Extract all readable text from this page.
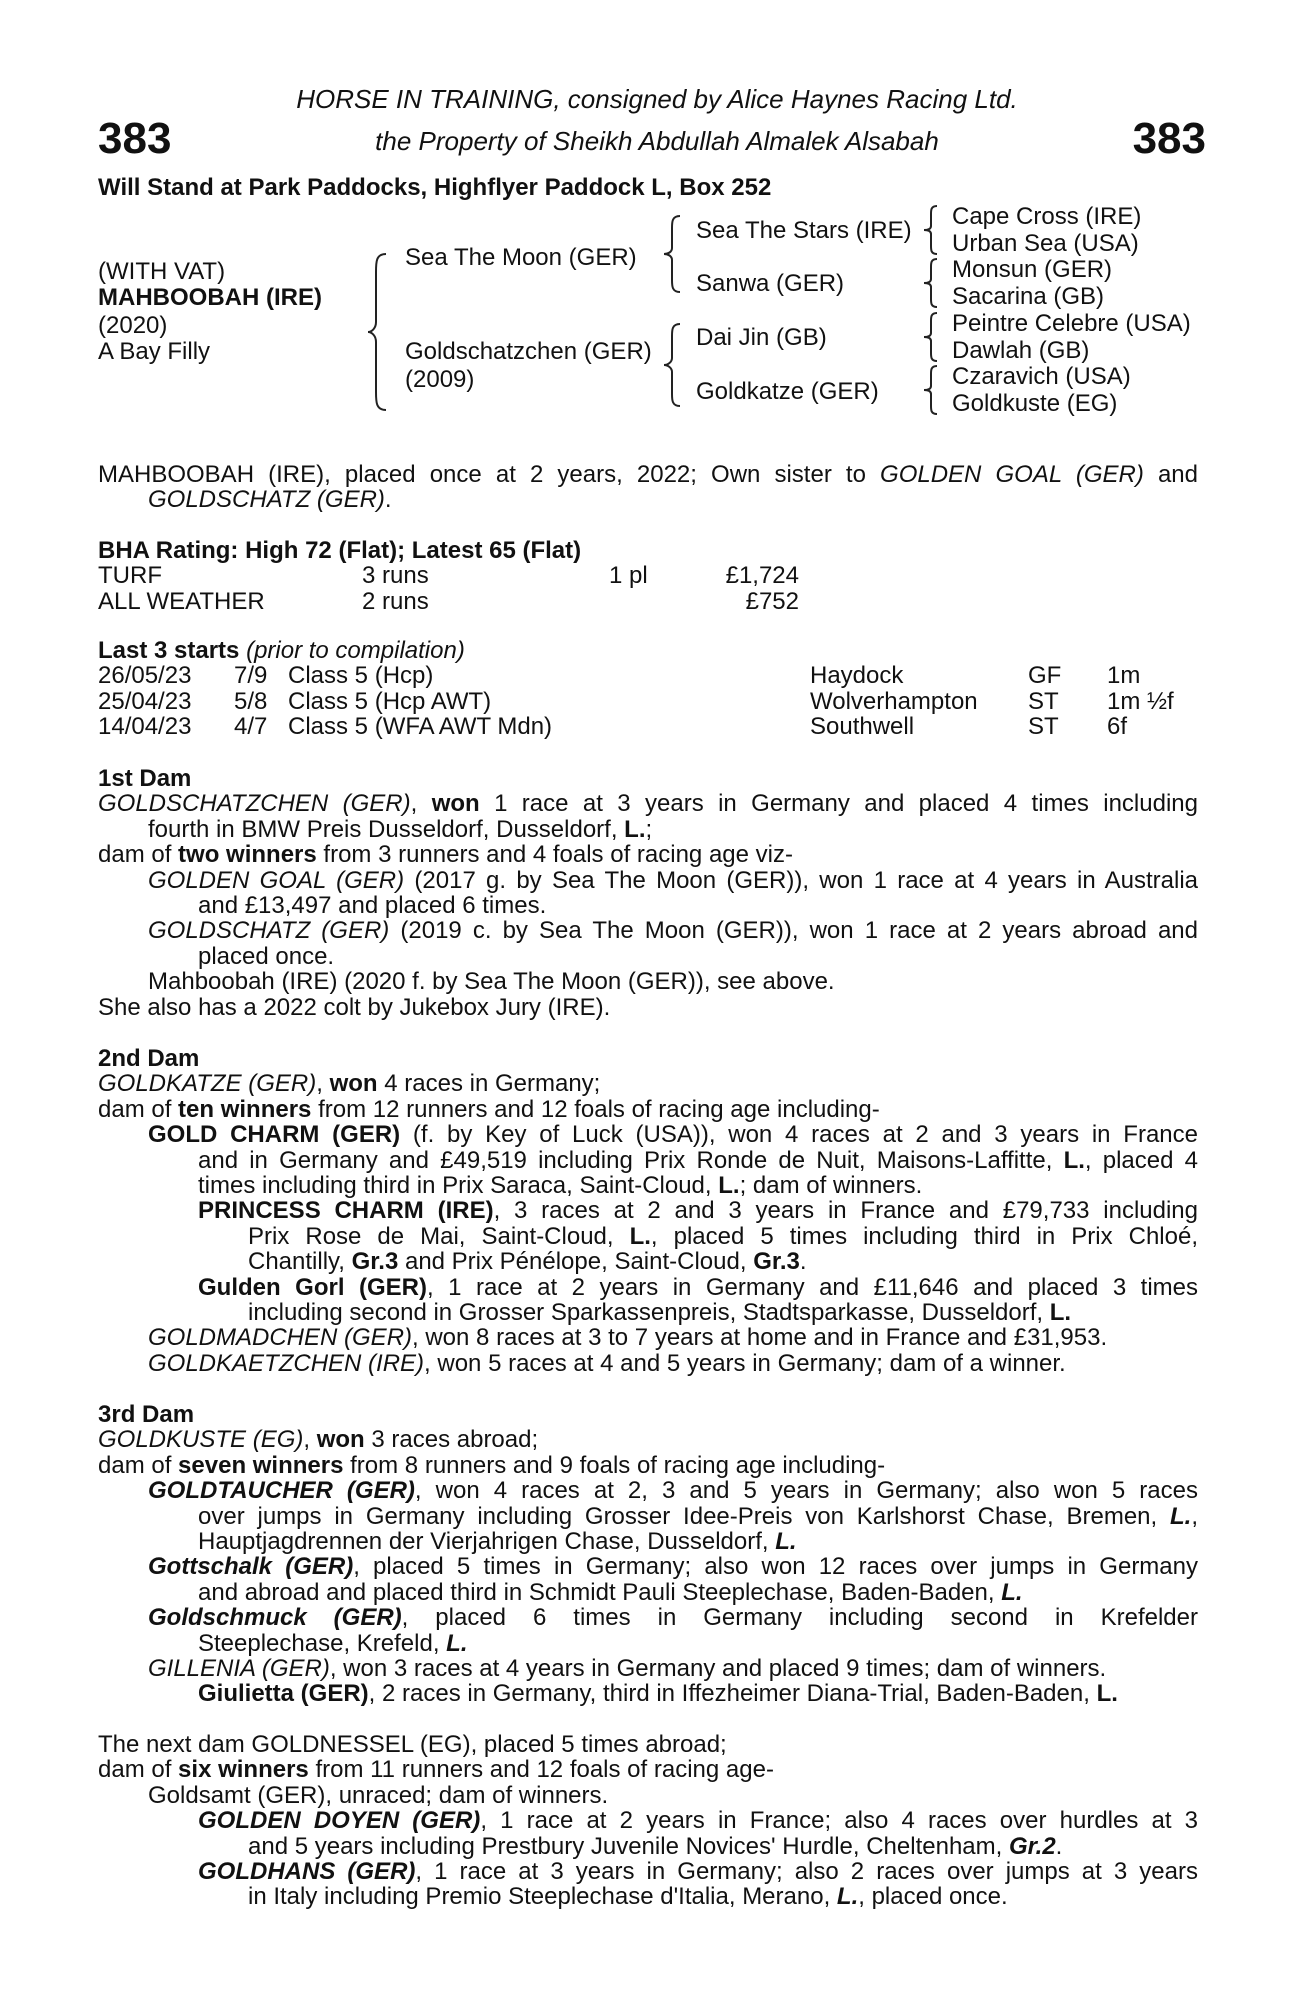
383	383
HORSE IN TRAINING, consigned by Alice Haynes Racing Ltd.
the Property of Sheikh Abdullah Almalek Alsabah
Will Stand at Park Paddocks, Highflyer Paddock L, Box 252
(WITH VAT)
MAHBOOBAH (IRE)
(2020)
A Bay Filly
Sea The Moon (GER)
Goldschatzchen (GER)
(2009)
Sea The Stars (IRE)
Sanwa (GER)
Dai Jin (GB)
Goldkatze (GER)
Cape Cross (IRE)
Urban Sea (USA)
Monsun (GER)
Sacarina (GB)
Peintre Celebre (USA)
Dawlah (GB)
Czaravich (USA)
Goldkuste (EG)
MAHBOOBAH (IRE), placed once at 2 years, 2022; Own sister to GOLDEN GOAL (GER) and
GOLDSCHATZ (GER).
BHA Rating: High 72 (Flat); Latest 65 (Flat)
TURF	3 runs	1 pl	£1,724
ALL WEATHER	2 runs		£752
Last 3 starts (prior to compilation)
26/05/23	7/9	Class 5 (Hcp)	Haydock	GF	1m
25/04/23	5/8	Class 5 (Hcp AWT)	Wolverhampton	ST	1m ½f
14/04/23	4/7	Class 5 (WFA AWT Mdn)	Southwell	ST	6f
1st Dam
GOLDSCHATZCHEN (GER), won 1 race at 3 years in Germany and placed 4 times including
fourth in BMW Preis Dusseldorf, Dusseldorf, L.;
dam of two winners from 3 runners and 4 foals of racing age viz-
GOLDEN GOAL (GER) (2017 g. by Sea The Moon (GER)), won 1 race at 4 years in Australia
and £13,497 and placed 6 times.
GOLDSCHATZ (GER) (2019 c. by Sea The Moon (GER)), won 1 race at 2 years abroad and
placed once.
Mahboobah (IRE) (2020 f. by Sea The Moon (GER)), see above.
She also has a 2022 colt by Jukebox Jury (IRE).
2nd Dam
GOLDKATZE (GER), won 4 races in Germany;
dam of ten winners from 12 runners and 12 foals of racing age including-
GOLD CHARM (GER) (f. by Key of Luck (USA)), won 4 races at 2 and 3 years in France
and in Germany and £49,519 including Prix Ronde de Nuit, Maisons-Laffitte, L., placed 4
times including third in Prix Saraca, Saint-Cloud, L.; dam of winners.
PRINCESS CHARM (IRE), 3 races at 2 and 3 years in France and £79,733 including
Prix Rose de Mai, Saint-Cloud, L., placed 5 times including third in Prix Chloé,
Chantilly, Gr.3 and Prix Pénélope, Saint-Cloud, Gr.3.
Gulden Gorl (GER), 1 race at 2 years in Germany and £11,646 and placed 3 times
including second in Grosser Sparkassenpreis, Stadtsparkasse, Dusseldorf, L.
GOLDMADCHEN (GER), won 8 races at 3 to 7 years at home and in France and £31,953.
GOLDKAETZCHEN (IRE), won 5 races at 4 and 5 years in Germany; dam of a winner.
3rd Dam
GOLDKUSTE (EG), won 3 races abroad;
dam of seven winners from 8 runners and 9 foals of racing age including-
GOLDTAUCHER (GER), won 4 races at 2, 3 and 5 years in Germany; also won 5 races
over jumps in Germany including Grosser Idee-Preis von Karlshorst Chase, Bremen, L.,
Hauptjagdrennen der Vierjahrigen Chase, Dusseldorf, L.
Gottschalk (GER), placed 5 times in Germany; also won 12 races over jumps in Germany
and abroad and placed third in Schmidt Pauli Steeplechase, Baden-Baden, L.
Goldschmuck (GER), placed 6 times in Germany including second in Krefelder
Steeplechase, Krefeld, L.
GILLENIA (GER), won 3 races at 4 years in Germany and placed 9 times; dam of winners.
Giulietta (GER), 2 races in Germany, third in Iffezheimer Diana-Trial, Baden-Baden, L.
The next dam GOLDNESSEL (EG), placed 5 times abroad;
dam of six winners from 11 runners and 12 foals of racing age-
Goldsamt (GER), unraced; dam of winners.
GOLDEN DOYEN (GER), 1 race at 2 years in France; also 4 races over hurdles at 3
and 5 years including Prestbury Juvenile Novices' Hurdle, Cheltenham, Gr.2.
GOLDHANS (GER), 1 race at 3 years in Germany; also 2 races over jumps at 3 years
in Italy including Premio Steeplechase d'Italia, Merano, L., placed once.
